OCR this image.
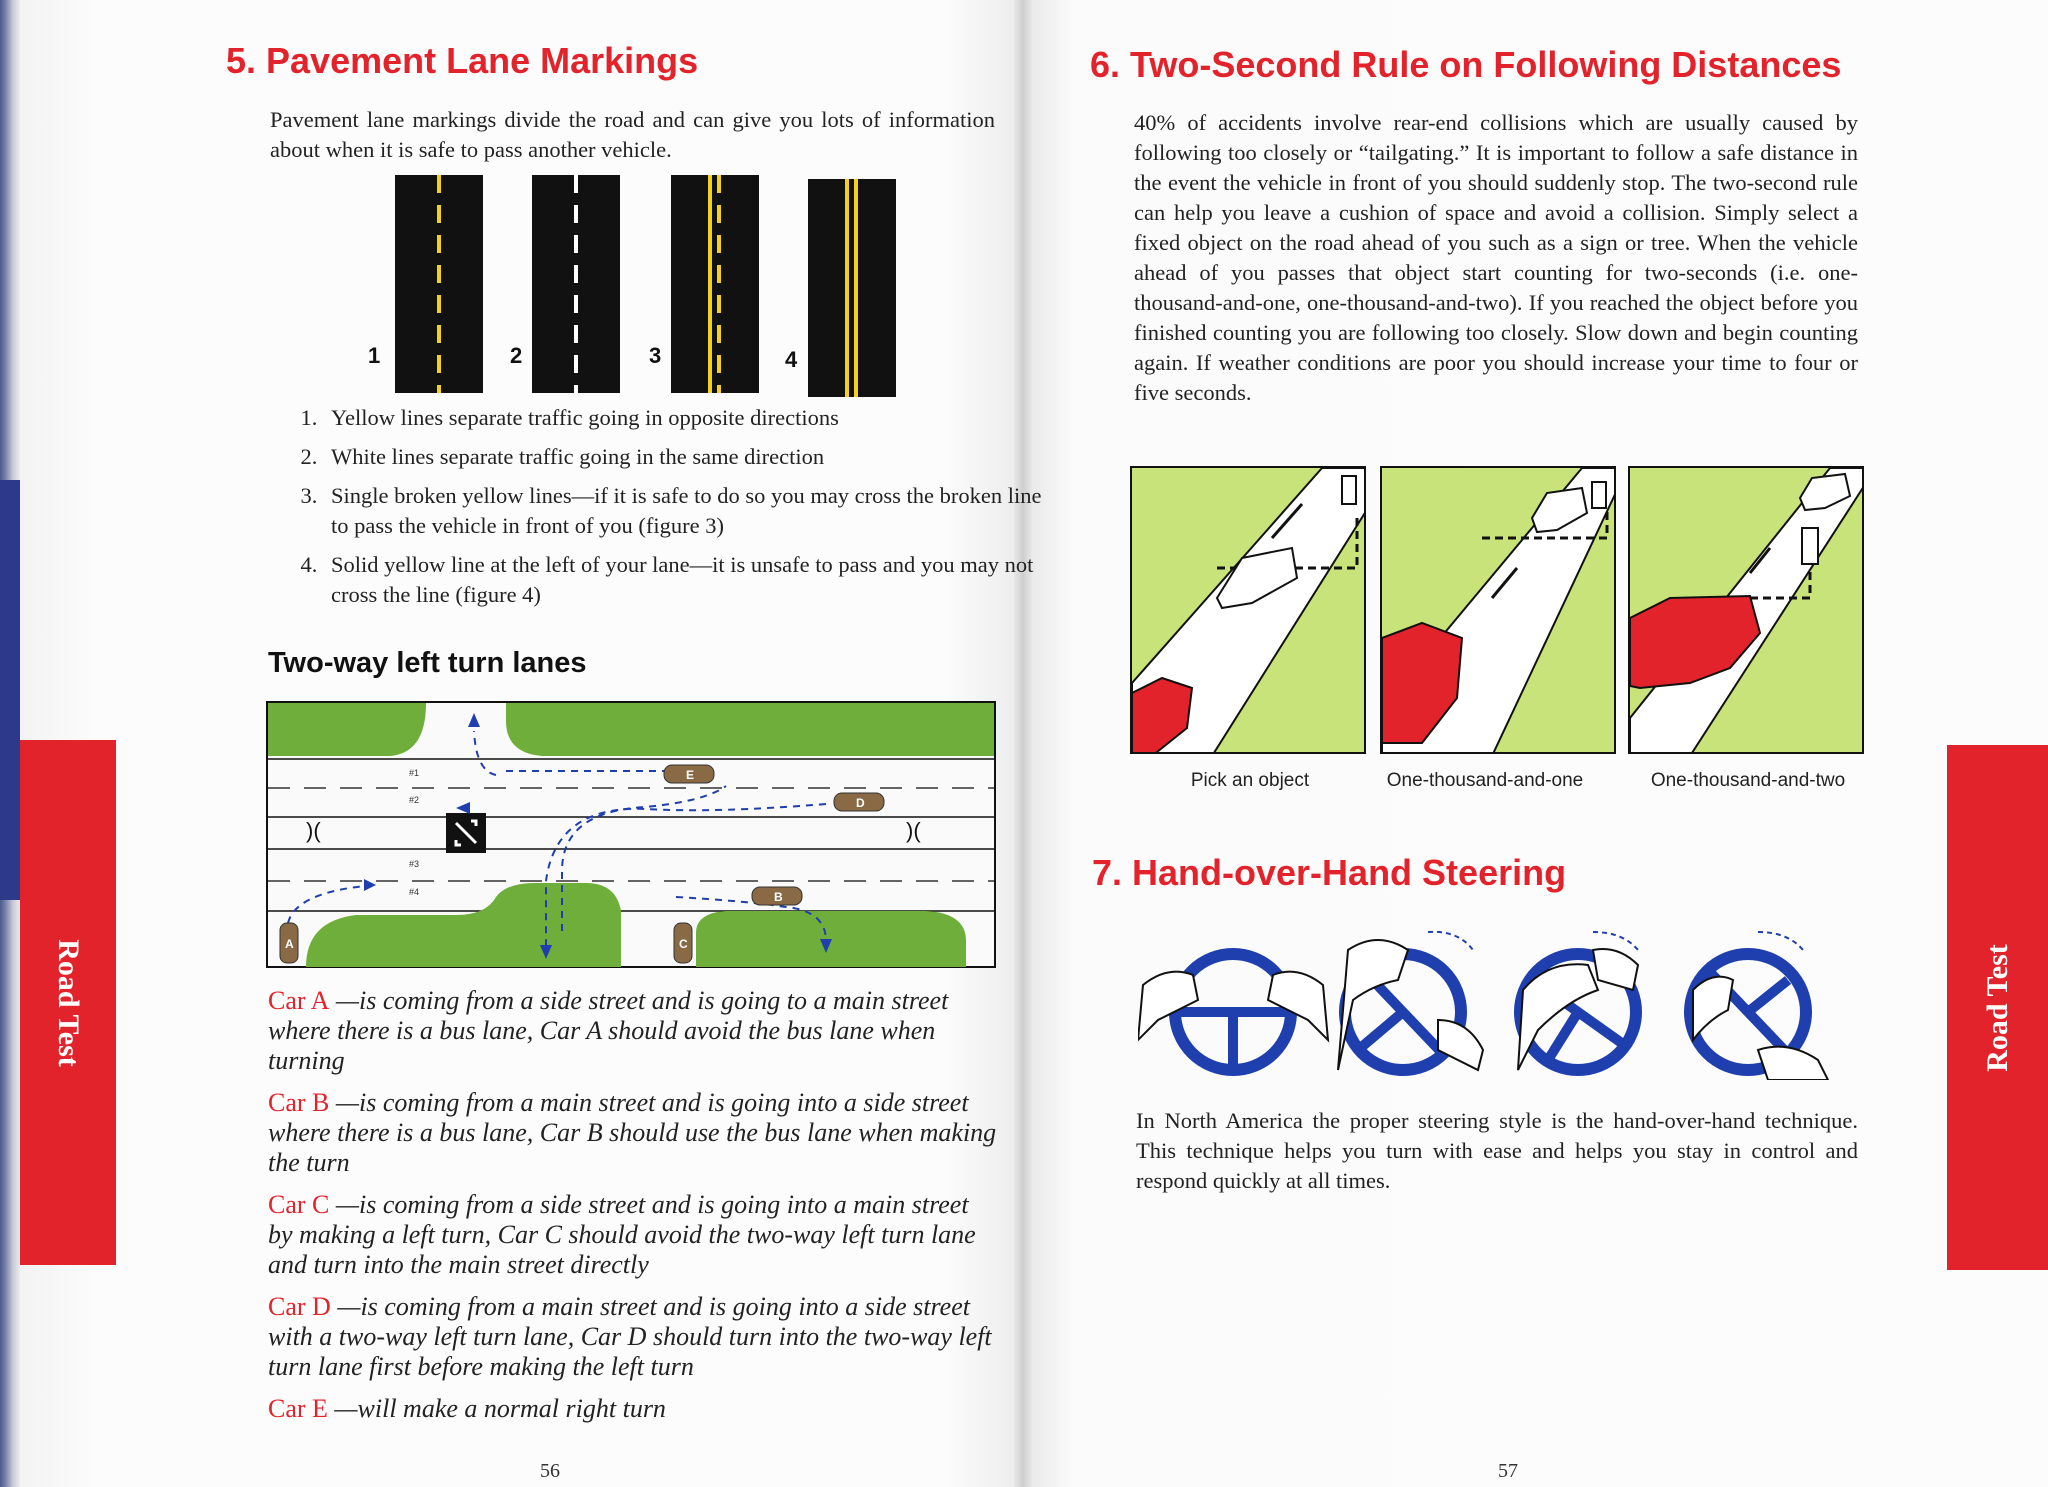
5. Pavement Lane Markings

Pavement lane markings divide the road and can give you lots of information about when it is safe to pass another vehicle.

1	2	3	4
1. Yellow lines separate traffic going in opposite directions
2. White lines separate traffic going in the same direction
3. Single broken yellow lines—if it is safe to do so you may cross the broken line to pass the vehicle in front of you (figure 3)
4. Solid yellow line at the left of your lane—it is unsafe to pass and you may not cross the line (figure 4)
Two-way left turn lanes
)(	)(
E
D
B
A	C
#1
#2
#3
#4
Car A —is coming from a side street and is going to a main street where there is a bus lane, Car A should avoid the bus lane when turning
Car B —is coming from a main street and is going into a side street where there is a bus lane, Car B should use the bus lane when making the turn
Car C —is coming from a side street and is going into a main street by making a left turn, Car C should avoid the two-way left turn lane and turn into the main street directly
Car D —is coming from a main street and is going into a side street with a two-way left turn lane, Car D should turn into the two-way left turn lane first before making the left turn
Car E —will make a normal right turn
56
Road Test
6. Two-Second Rule on Following Distances

40% of accidents involve rear-end collisions which are usually caused by following too closely or “tailgating.” It is important to follow a safe distance in the event the vehicle in front of you should suddenly stop. The two-second rule can help you leave a cushion of space and avoid a collision. Simply select a fixed object on the road ahead of you such as a sign or tree. When the vehicle ahead of you passes that object start counting for two-seconds (i.e. one-thousand-and-one, one-thousand-and-two). If you reached the object before you finished counting you are following too closely. Slow down and begin counting again. If weather conditions are poor you should increase your time to four or five seconds.

Pick an object	One-thousand-and-one	One-thousand-and-two
7. Hand-over-Hand Steering

In North America the proper steering style is the hand-over-hand technique. This technique helps you turn with ease and helps you stay in control and respond quickly at all times.

57
Road Test
